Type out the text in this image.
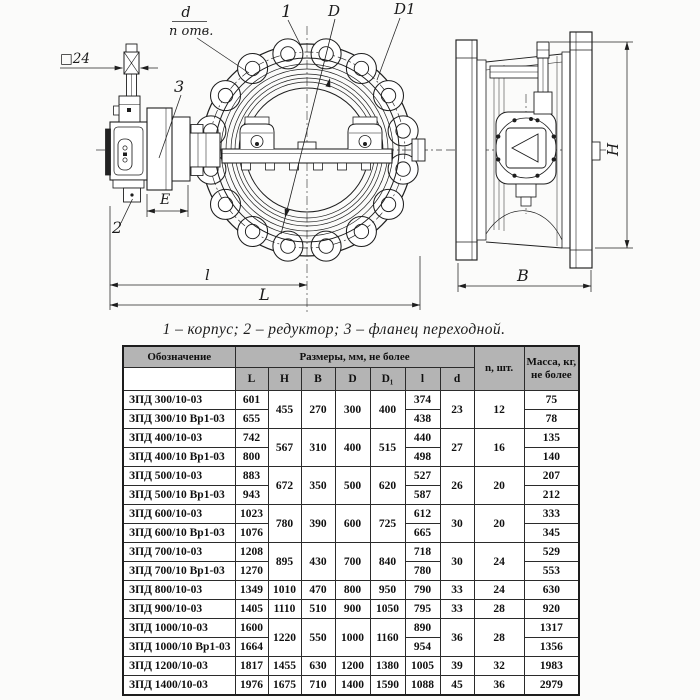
□24
d
n отв.
1 D	D1
3
2
E
l
L
H
B
1 – корпус; 2 – редуктор; 3 – фланец переходной.
Обозначение	Размеры, мм, не более							n, шт.	Масса, кг, не более
	L	H	B	D	D₁	l	d		
ЗПД 300/10-03	601	455	270	300	400	374	23	12	75
ЗПД 300/10 Вр1-03	655					438			78
ЗПД 400/10-03	742	567	310	400	515	440	27	16	135
ЗПД 400/10 Вр1-03	800					498			140
ЗПД 500/10-03	883	672	350	500	620	527	26	20	207
ЗПД 500/10 Вр1-03	943					587			212
ЗПД 600/10-03	1023	780	390	600	725	612	30	20	333
ЗПД 600/10 Вр1-03	1076					665			345
ЗПД 700/10-03	1208	895	430	700	840	718	30	24	529
ЗПД 700/10 Вр1-03	1270					780			553
ЗПД 800/10-03	1349	1010	470	800	950	790	33	24	630
ЗПД 900/10-03	1405	1110	510	900	1050	795	33	28	920
ЗПД 1000/10-03	1600	1220	550	1000	1160	890	36	28	1317
ЗПД 1000/10 Вр1-03	1664					954			1356
ЗПД 1200/10-03	1817	1455	630	1200	1380	1005	39	32	1983
ЗПД 1400/10-03	1976	1675	710	1400	1590	1088	45	36	2979
